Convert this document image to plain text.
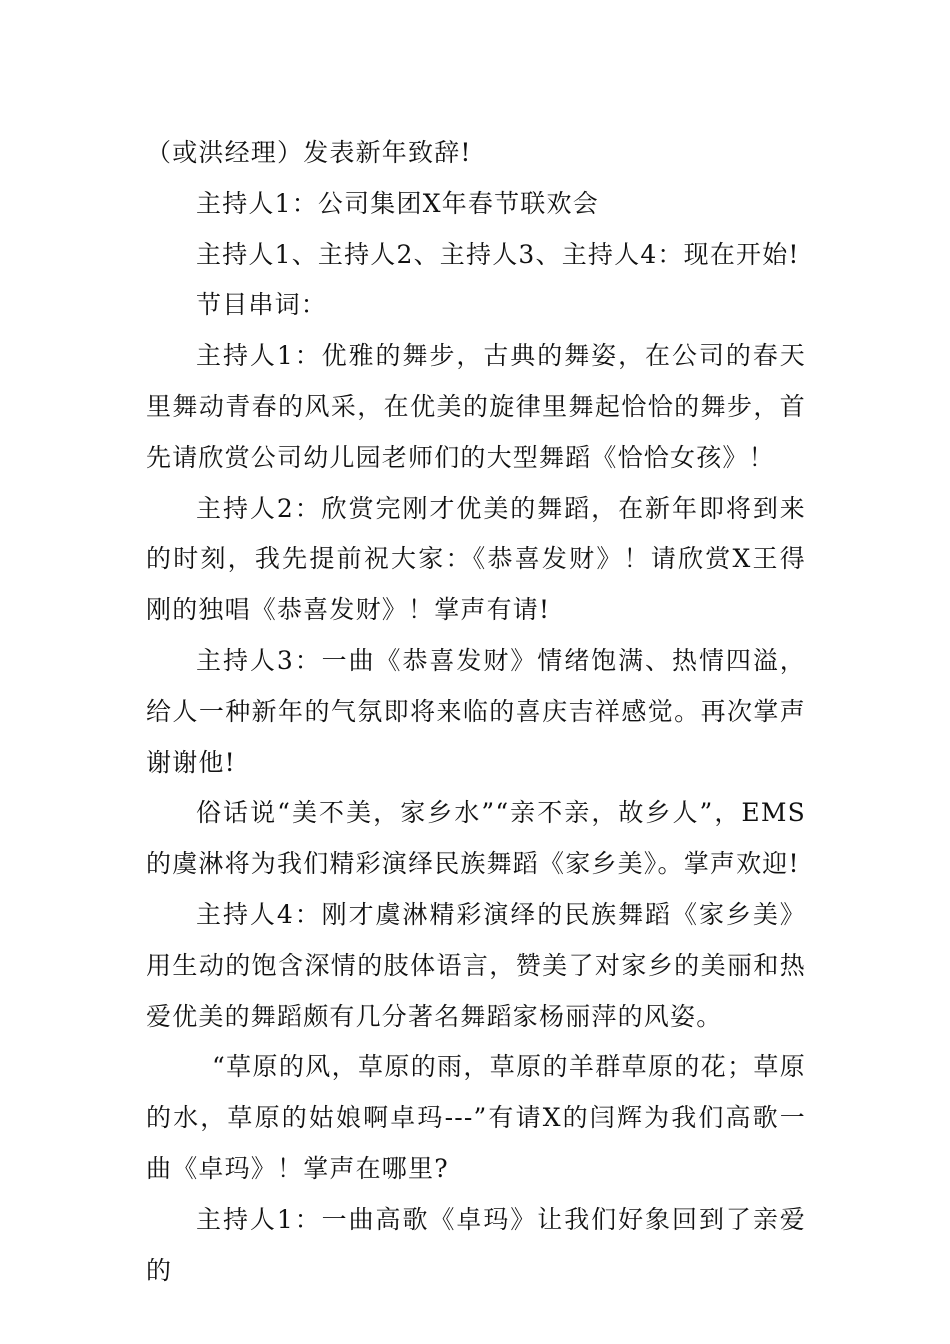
（或洪经理）发表新年致辞!

主持人1：公司集团X年春节联欢会

主持人1、主持人2、主持人3、主持人4：现在开始!

节目串词：

主持人1：优雅的舞步，古典的舞姿，在公司的春天里舞动青春的风采，在优美的旋律里舞起恰恰的舞步，首先请欣赏公司幼儿园老师们的大型舞蹈《恰恰女孩》！

主持人2：欣赏完刚才优美的舞蹈，在新年即将到来的时刻，我先提前祝大家：《恭喜发财》！请欣赏X王得刚的独唱《恭喜发财》！掌声有请!

主持人3：一曲《恭喜发财》情绪饱满、热情四溢，给人一种新年的气氛即将来临的喜庆吉祥感觉。再次掌声谢谢他!

俗话说“美不美，家乡水”“亲不亲，故乡人”，EMS的虞淋将为我们精彩演绎民族舞蹈《家乡美》。掌声欢迎!

主持人4：刚才虞淋精彩演绎的民族舞蹈《家乡美》用生动的饱含深情的肢体语言，赞美了对家乡的美丽和热爱优美的舞蹈颇有几分著名舞蹈家杨丽萍的风姿。

“草原的风，草原的雨，草原的羊群草原的花；草原的水，草原的姑娘啊卓玛---”有请X的闫辉为我们高歌一曲《卓玛》！掌声在哪里?

主持人1：一曲高歌《卓玛》让我们好象回到了亲爱的
